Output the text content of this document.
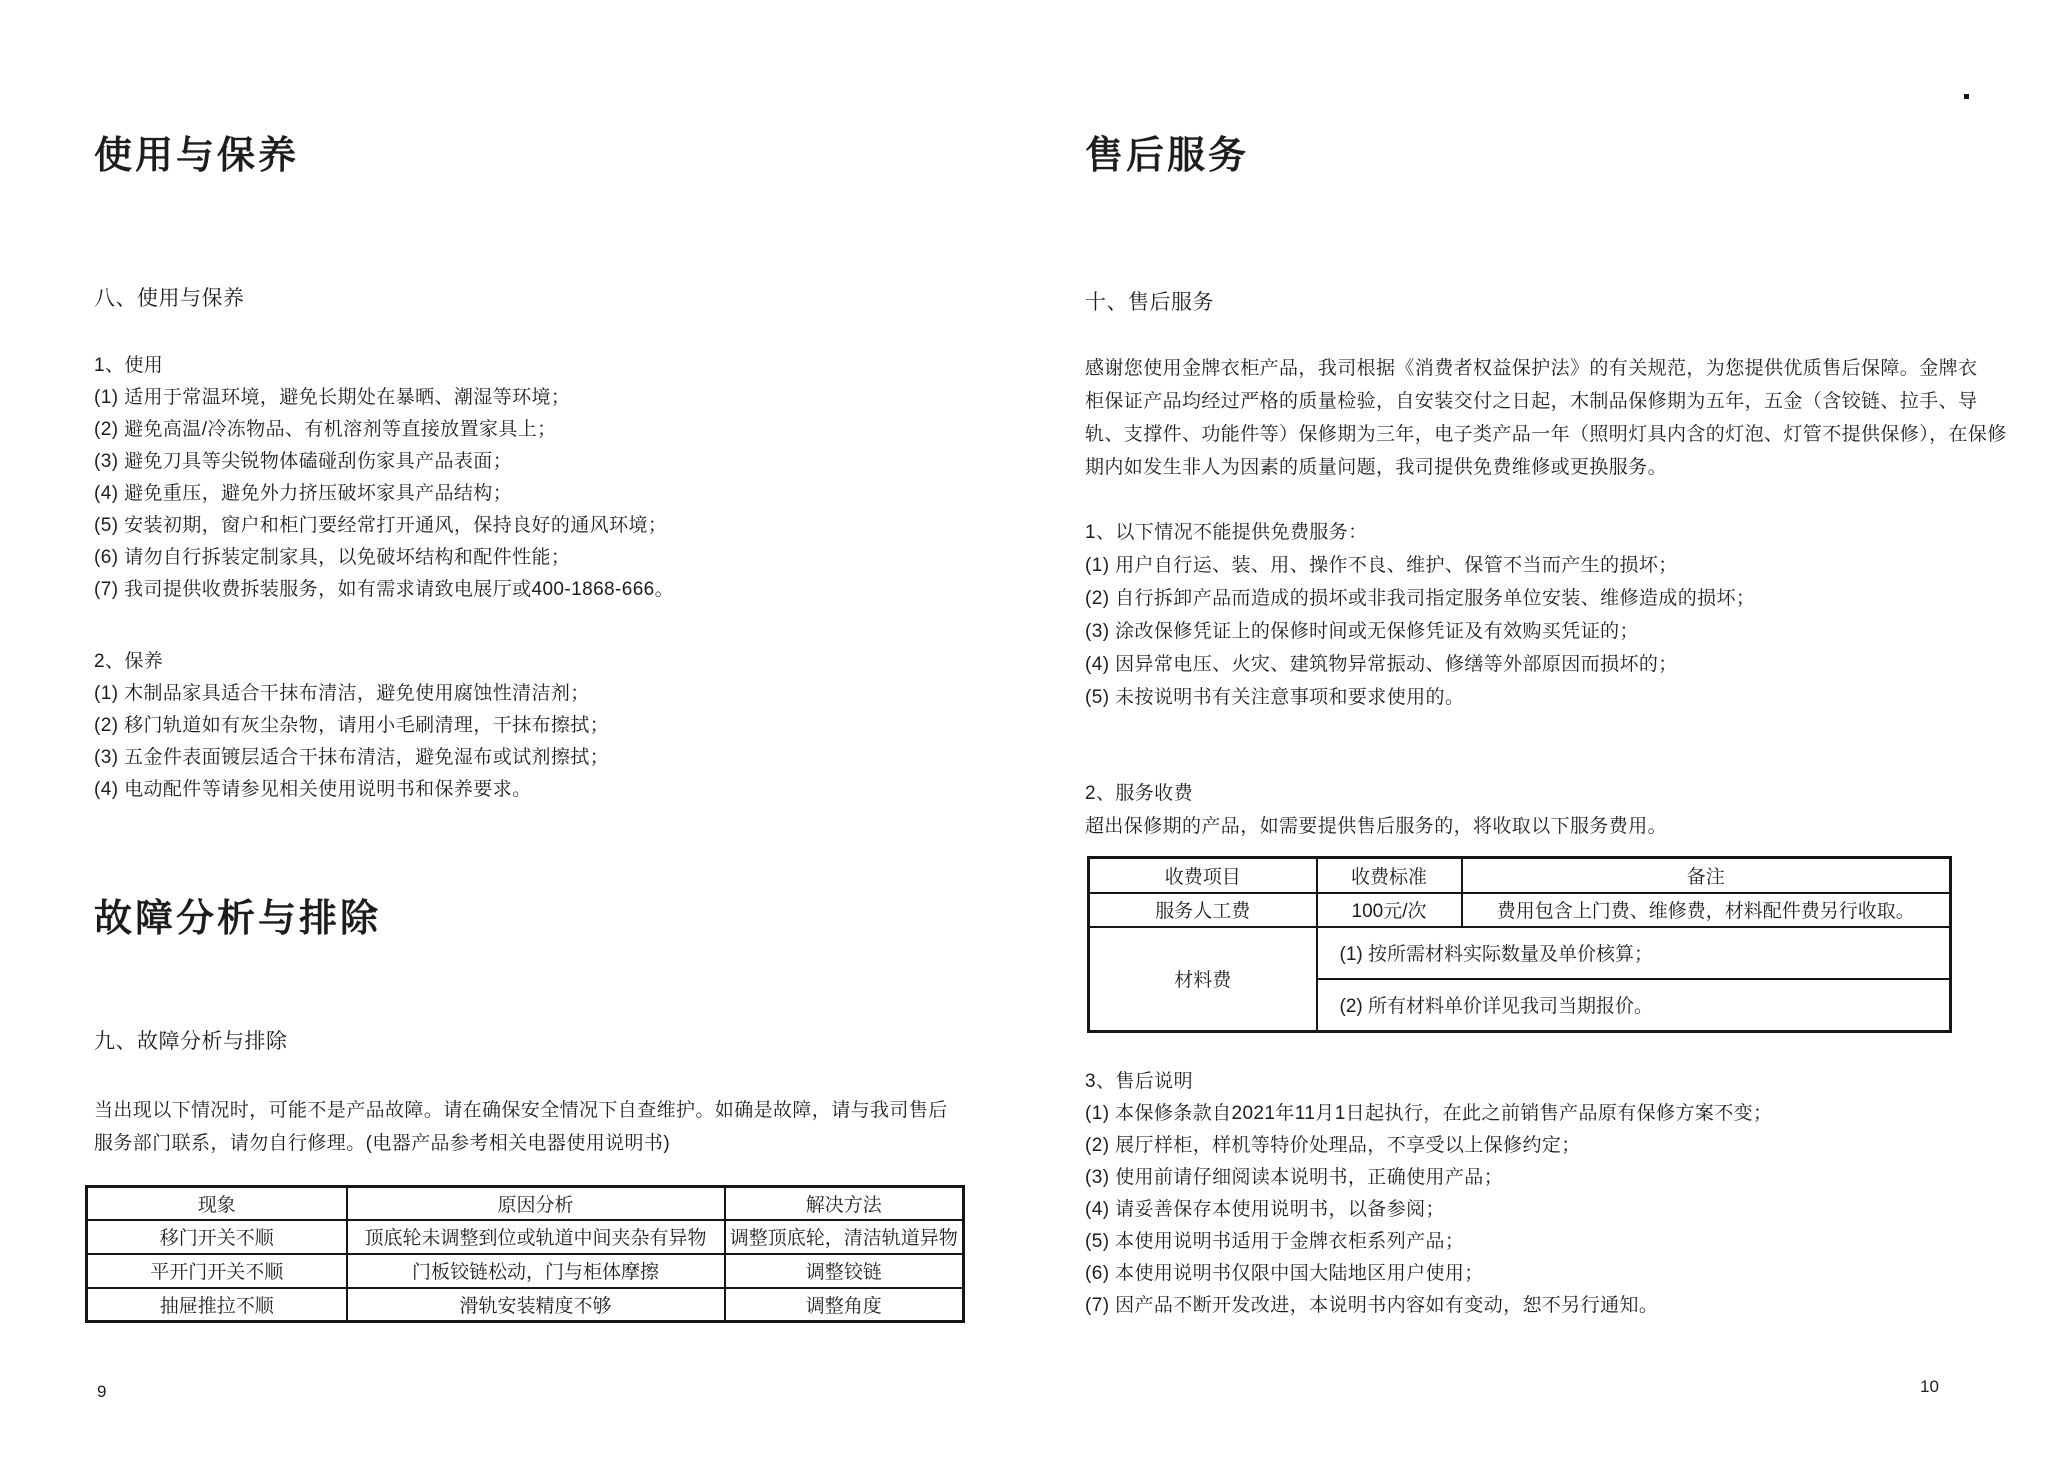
使用与保养
八、使用与保养
1、使用
(1) 适用于常温环境，避免长期处在暴晒、潮湿等环境；
(2) 避免高温/冷冻物品、有机溶剂等直接放置家具上；
(3) 避免刀具等尖锐物体磕碰刮伤家具产品表面；
(4) 避免重压，避免外力挤压破坏家具产品结构；
(5) 安装初期，窗户和柜门要经常打开通风，保持良好的通风环境；
(6) 请勿自行拆装定制家具，以免破坏结构和配件性能；
(7) 我司提供收费拆装服务，如有需求请致电展厅或400-1868-666。
2、保养
(1) 木制品家具适合干抹布清洁，避免使用腐蚀性清洁剂；
(2) 移门轨道如有灰尘杂物，请用小毛刷清理，干抹布擦拭；
(3) 五金件表面镀层适合干抹布清洁，避免湿布或试剂擦拭；
(4) 电动配件等请参见相关使用说明书和保养要求。
故障分析与排除
九、故障分析与排除
当出现以下情况时，可能不是产品故障。请在确保安全情况下自查维护。如确是故障，请与我司售后
服务部门联系，请勿自行修理。(电器产品参考相关电器使用说明书)
现象	原因分析	解决方法
移门开关不顺	顶底轮未调整到位或轨道中间夹杂有异物	调整顶底轮，清洁轨道异物
平开门开关不顺	门板铰链松动，门与柜体摩擦	调整铰链
抽屉推拉不顺	滑轨安装精度不够	调整角度
9
售后服务
十、售后服务
感谢您使用金牌衣柜产品，我司根据《消费者权益保护法》的有关规范，为您提供优质售后保障。金牌衣
柜保证产品均经过严格的质量检验，自安装交付之日起，木制品保修期为五年，五金（含铰链、拉手、导
轨、支撑件、功能件等）保修期为三年，电子类产品一年（照明灯具内含的灯泡、灯管不提供保修），在保修
期内如发生非人为因素的质量问题，我司提供免费维修或更换服务。
1、以下情况不能提供免费服务：
(1) 用户自行运、装、用、操作不良、维护、保管不当而产生的损坏；
(2) 自行拆卸产品而造成的损坏或非我司指定服务单位安装、维修造成的损坏；
(3) 涂改保修凭证上的保修时间或无保修凭证及有效购买凭证的；
(4) 因异常电压、火灾、建筑物异常振动、修缮等外部原因而损坏的；
(5) 未按说明书有关注意事项和要求使用的。
2、服务收费
超出保修期的产品，如需要提供售后服务的，将收取以下服务费用。
收费项目	收费标准	备注
服务人工费	100元/次	费用包含上门费、维修费，材料配件费另行收取。
材料费	(1) 按所需材料实际数量及单价核算；	
	(2) 所有材料单价详见我司当期报价。	
3、售后说明
(1) 本保修条款自2021年11月1日起执行，在此之前销售产品原有保修方案不变；
(2) 展厅样柜，样机等特价处理品，不享受以上保修约定；
(3) 使用前请仔细阅读本说明书，正确使用产品；
(4) 请妥善保存本使用说明书，以备参阅；
(5) 本使用说明书适用于金牌衣柜系列产品；
(6) 本使用说明书仅限中国大陆地区用户使用；
(7) 因产品不断开发改进，本说明书内容如有变动，恕不另行通知。
10
